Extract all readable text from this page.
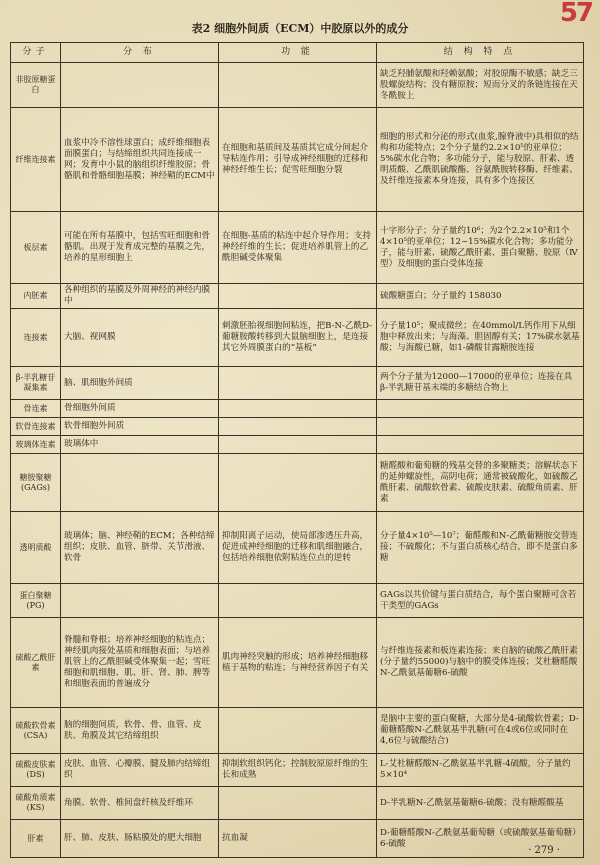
57
表2 细胞外间质（ECM）中胶原以外的成分
分子	分 布	功 能	结 构 特 点
非胶原糖蛋白			缺乏羟脯氨酸和羟赖氨酸；对胶原酶不敏感；缺乏三股螺旋结构；没有糖原胺；短而分叉的条链连接在天冬酰胺上
纤维连接素	血浆中冷不溶性球蛋白；成纤维细胞表面膜蛋白；与结缔组织共同连接成一网；发育中小鼠的脑组织纤维胶原；骨骼肌和骨骼细胞基膜；神经鞘的ECM中	在细胞和基质间及基质其它成分间起介导粘连作用；引导成神经细胞的迁移和神经纤维生长；促雪旺细胞分裂	细胞的形式和分泌的形式(血浆,腺脊液中)具相似的结构和功能特点；2个分子量约2.2×10⁵的亚单位；5%碳水化合物；多功能分子，能与胶原、肝素、透明质酸、乙酰肌硫酸酯、谷氨酰胺转移酶、纤维素、及纤维连接素本身连接，具有多个连接区
板层素	可能在所有基膜中，包括雪旺细胞和骨骼肌。出现于发育成完整的基膜之先，培养的星形细胞上	在细胞-基质的粘连中起介导作用；支持神经纤维的生长；促进培养肌管上的乙酰胆碱受体聚集	十字形分子；分子量约10⁶；为2个2.2×10⁵和1个4×10⁵的亚单位；12~15%碳水化合物；多功能分子，能与肝素、硫酸乙酰肝素、蛋白聚糖、胶原（Ⅳ型）及细胞的蛋白受体连接
内胚素	各种组织的基膜及外周神经的神经内膜中		硫酸糖蛋白；分子量约 158030
连接素	大脑、视网膜	刺激胚胎视细胞间粘连，把B-N-乙酰D-葡糖胺酸转移到大鼠脑细胞上，是连接其它外周膜蛋白的“基板”	分子量10⁵；聚成微丝；在40mmol/L钙作用下从细胞中释放出来；与海藻、胆固醇有关；17%碳水氨基酸；与海酸已糖，如1-磷酸甘露糖胺连接
β-半乳糖苷凝集素	脑、肌细胞外间质		两个分子量为12000—17000的亚单位；连接在具β-半乳糖苷基末端的多糖结合物上
骨连素	骨细胞外间质		
软骨连接素	软骨细胞外间质		
玻璃体连素	玻璃体中		
糖胺聚糖(GAGs)			糖醛酸和葡萄糖的残基交替的多聚糖类；溶解状态下的延伸螺旋性，高阴电荷；通常被硫酸化，如硫酸乙酰肝素、硫酸软骨素、硫酸皮肤素、硫酸角质素、肝素
透明质酸	玻璃体；脑、神经鞘的ECM；各种结缔组织；皮肤、血管、脐带、关节滑液、软骨	抑制阳离子运动，使局部渗透压升高，促进成神经细胞的迁移和肌细胞融合，包括培养细胞依附粘连位点的逆转	分子量4×10⁵—10⁷；葡醛酸和N-乙酰葡糖胺交替连接；不硫酸化；不与蛋白质核心结合，即不是蛋白多糖
蛋白聚糖(PG)			GAGs以共价键与蛋白质结合，每个蛋白聚糖可含若干类型的GAGs
硫酸乙酰肝素	脊髓和脊根；培养神经细胞的粘连点；神经肌肉接处基质和细胞表面；与培养肌管上的乙酰胆碱受体聚集一起；雪旺细胞和肌细胞、肌、肝、肾、肺、脾等和细胞表面的普遍成分	肌肉神经突触的形成；培养神经细胞移植于基物的粘连；与神经营养因子有关	与纤维连接素和板连素连接；来自脑的硫酸乙酰肝素(分子量约55000)与脑中的膜受体连接；艾杜糖醛酸N-乙酰氨基葡糖6-硫酸
硫酸软骨素(CSA)	脑的细胞间质，软骨、骨、血管、皮肤、角膜及其它结缔组织		是脑中主要的蛋白聚糖，大部分是4-硫酸软骨素；D-葡糖醛酸N-乙酰氨基半乳糖(可在4或6位或同时在4,6位与硫酸结合)
硫酸皮肤素(DS)	皮肤、血管、心瓣膜、腱及肺内结缔组织	抑制软组织钙化；控制胶原原纤维的生长和成熟	L-艾杜糖醛酸N-乙酰氨基半乳糖-4硫酸，分子量约5×10⁴
硫酸角质素(KS)	角膜、软骨、椎间盘纤核及纤维环		D-半乳糖N-乙酰氨基葡糖6-硫酸；没有糖醛酸基
肝素	肝、肺、皮肤、肠粘膜处的肥大细胞	抗血凝	D-葡糖醛酸N-乙酰氨基葡萄糖（或硫酸氨基葡萄糖）6-硫酸
· 279 ·
